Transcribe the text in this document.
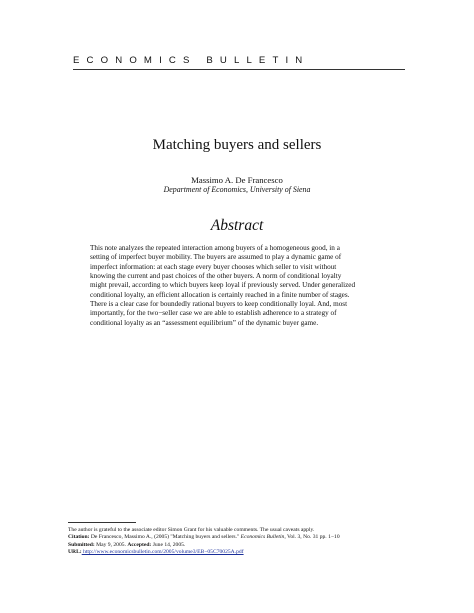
ECONOMICS BULLETIN
Matching buyers and sellers
Massimo A. De Francesco
Department of Economics, University of Siena
Abstract
This note analyzes the repeated interaction among buyers of a homogeneous good, in a
setting of imperfect buyer mobility. The buyers are assumed to play a dynamic game of
imperfect information: at each stage every buyer chooses which seller to visit without
knowing the current and past choices of the other buyers. A norm of conditional loyalty
might prevail, according to which buyers keep loyal if previously served. Under generalized
conditional loyalty, an efficient allocation is certainly reached in a finite number of stages.
There is a clear case for boundedly rational buyers to keep conditionally loyal. And, most
importantly, for the two−seller case we are able to establish adherence to a strategy of
conditional loyalty as an “assessment equilibrium” of the dynamic buyer game.
The author is grateful to the associate editor Simon Grant for his valuable comments. The usual caveats apply.
Citation: De Francesco, Massimo A., (2005) "Matching buyers and sellers." Economics Bulletin, Vol. 3, No. 31 pp. 1−10
Submitted: May 9, 2005. Accepted: June 14, 2005.
URL: http://www.economicsbulletin.com/2005/volume3/EB−05C70025A.pdf
